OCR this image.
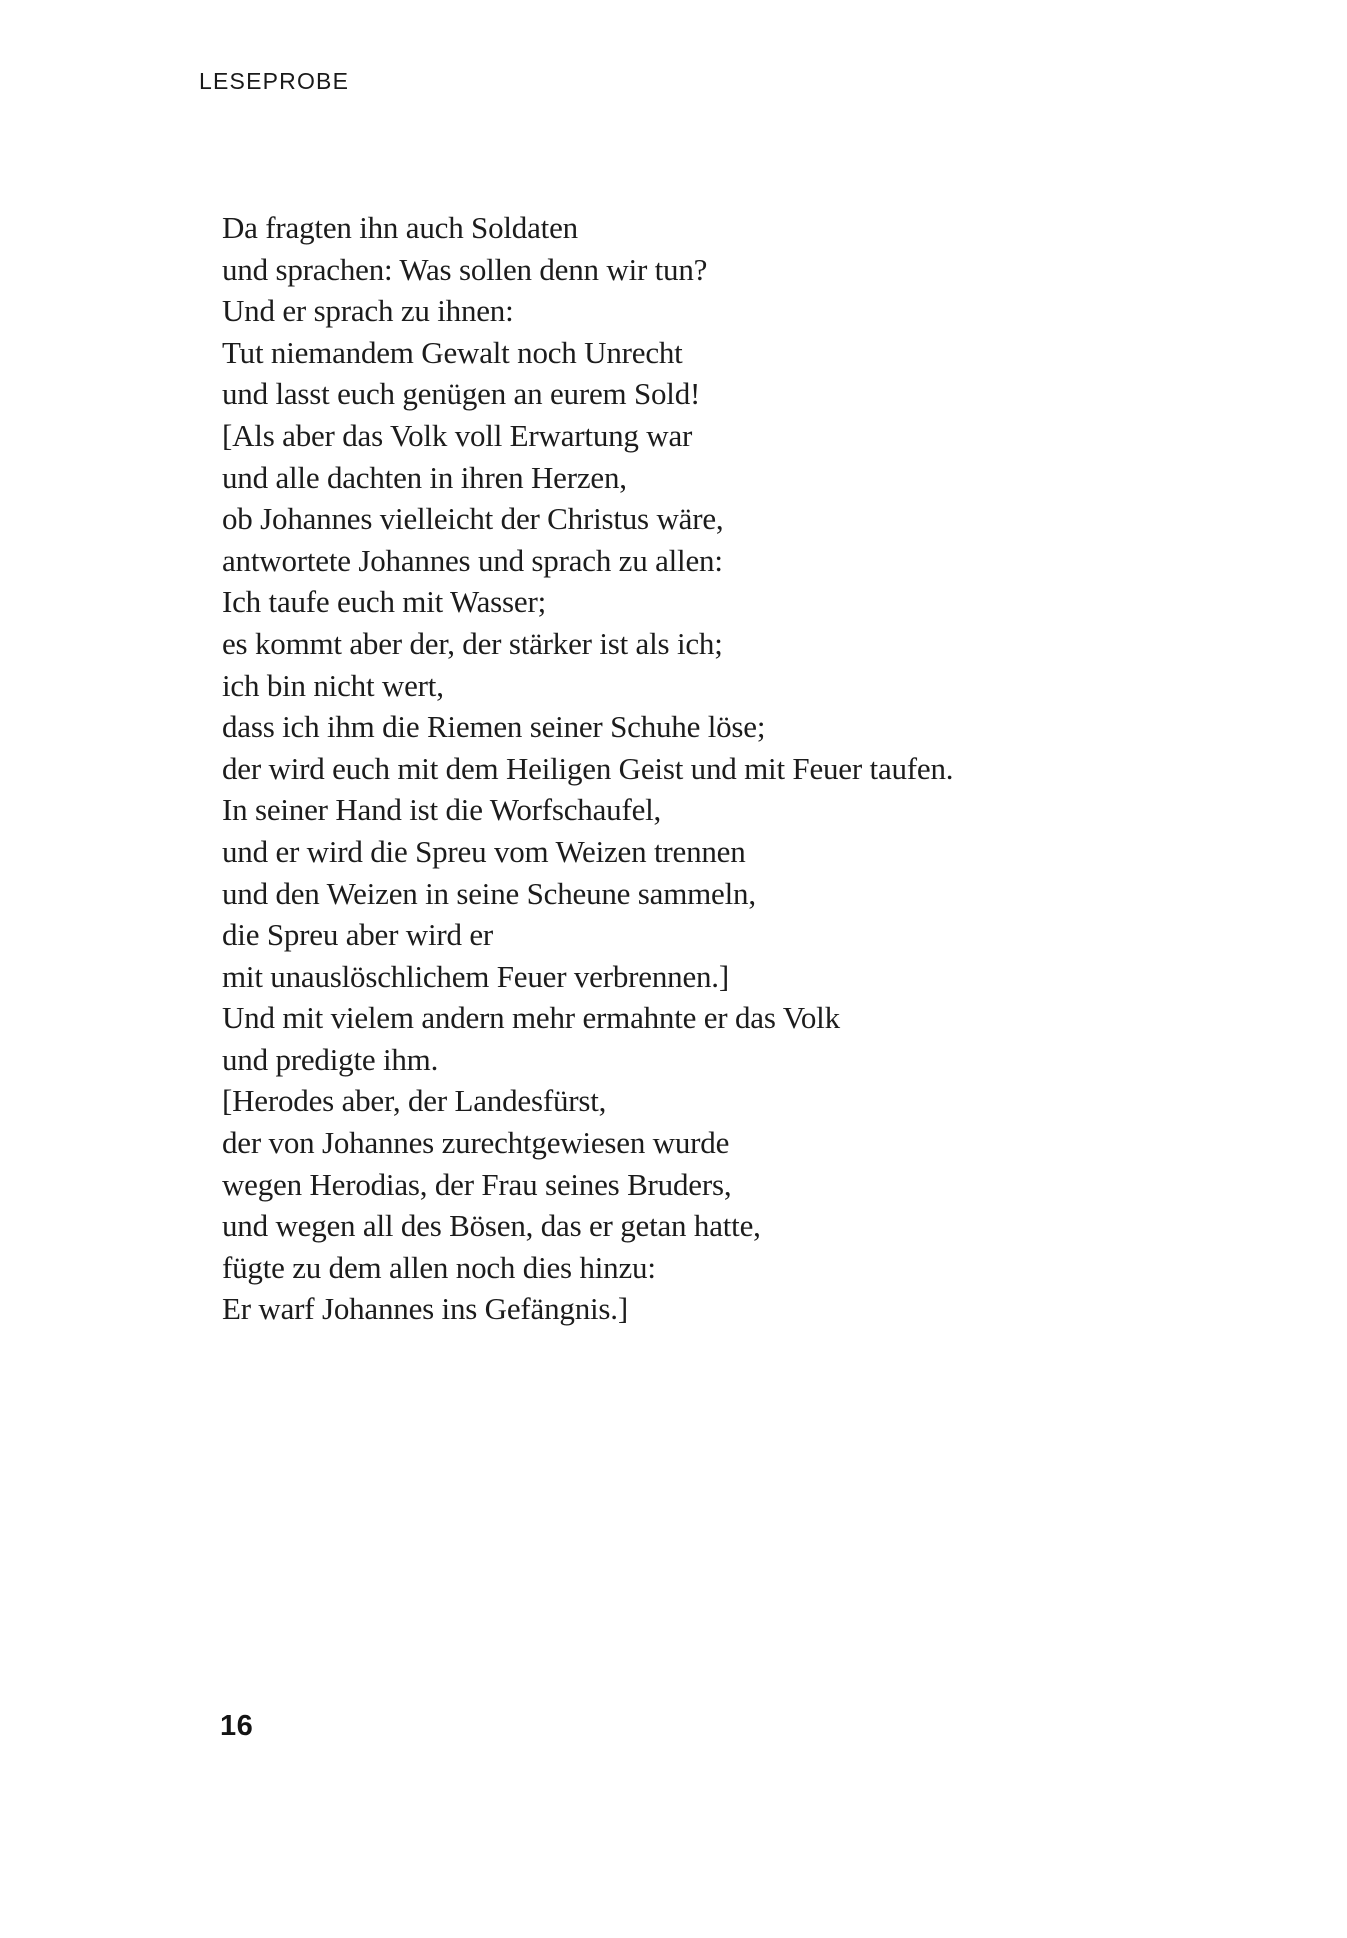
LESEPROBE
Da fragten ihn auch Soldaten
und sprachen: Was sollen denn wir tun?
Und er sprach zu ihnen:
Tut niemandem Gewalt noch Unrecht
und lasst euch genügen an eurem Sold!
[Als aber das Volk voll Erwartung war
und alle dachten in ihren Herzen,
ob Johannes vielleicht der Christus wäre,
antwortete Johannes und sprach zu allen:
Ich taufe euch mit Wasser;
es kommt aber der, der stärker ist als ich;
ich bin nicht wert,
dass ich ihm die Riemen seiner Schuhe löse;
der wird euch mit dem Heiligen Geist und mit Feuer taufen.
In seiner Hand ist die Worfschaufel,
und er wird die Spreu vom Weizen trennen
und den Weizen in seine Scheune sammeln,
die Spreu aber wird er
mit unauslöschlichem Feuer verbrennen.]
Und mit vielem andern mehr ermahnte er das Volk
und predigte ihm.
[Herodes aber, der Landesfürst,
der von Johannes zurechtgewiesen wurde
wegen Herodias, der Frau seines Bruders,
und wegen all des Bösen, das er getan hatte,
fügte zu dem allen noch dies hinzu:
Er warf Johannes ins Gefängnis.]
16
